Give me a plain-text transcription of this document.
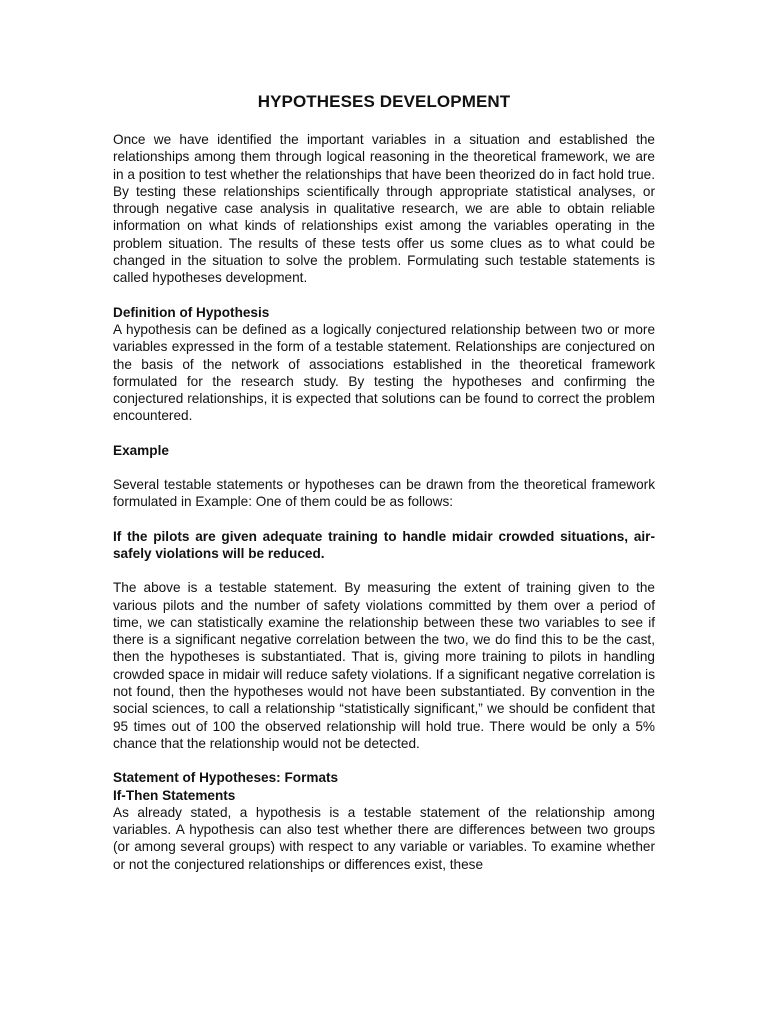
HYPOTHESES DEVELOPMENT

Once we have identified the important variables in a situation and established the relationships among them through logical reasoning in the theoretical framework, we are in a position to test whether the relationships that have been theorized do in fact hold true. By testing these relationships scientifically through appropriate statistical analyses, or through negative case analysis in qualitative research, we are able to obtain reliable information on what kinds of relationships exist among the variables operating in the problem situation. The results of these tests offer us some clues as to what could be changed in the situation to solve the problem. Formulating such testable statements is called hypotheses development.

Definition of Hypothesis

A hypothesis can be defined as a logically conjectured relationship between two or more variables expressed in the form of a testable statement. Relationships are conjectured on the basis of the network of associations established in the theoretical framework formulated for the research study. By testing the hypotheses and confirming the conjectured relationships, it is expected that solutions can be found to correct the problem encountered.

Example

Several testable statements or hypotheses can be drawn from the theoretical framework formulated in Example: One of them could be as follows:

If the pilots are given adequate training to handle midair crowded situations, air-safely violations will be reduced.

The above is a testable statement. By measuring the extent of training given to the various pilots and the number of safety violations committed by them over a period of time, we can statistically examine the relationship between these two variables to see if there is a significant negative correlation between the two, we do find this to be the cast, then the hypotheses is substantiated. That is, giving more training to pilots in handling crowded space in midair will reduce safety violations. If a significant negative correlation is not found, then the hypotheses would not have been substantiated. By convention in the social sciences, to call a relationship “statistically significant,” we should be confident that 95 times out of 100 the observed relationship will hold true. There would be only a 5% chance that the relationship would not be detected.

Statement of Hypotheses: Formats

If-Then Statements

As already stated, a hypothesis is a testable statement of the relationship among variables. A hypothesis can also test whether there are differences between two groups (or among several groups) with respect to any variable or variables. To examine whether or not the conjectured relationships or differences exist, these
